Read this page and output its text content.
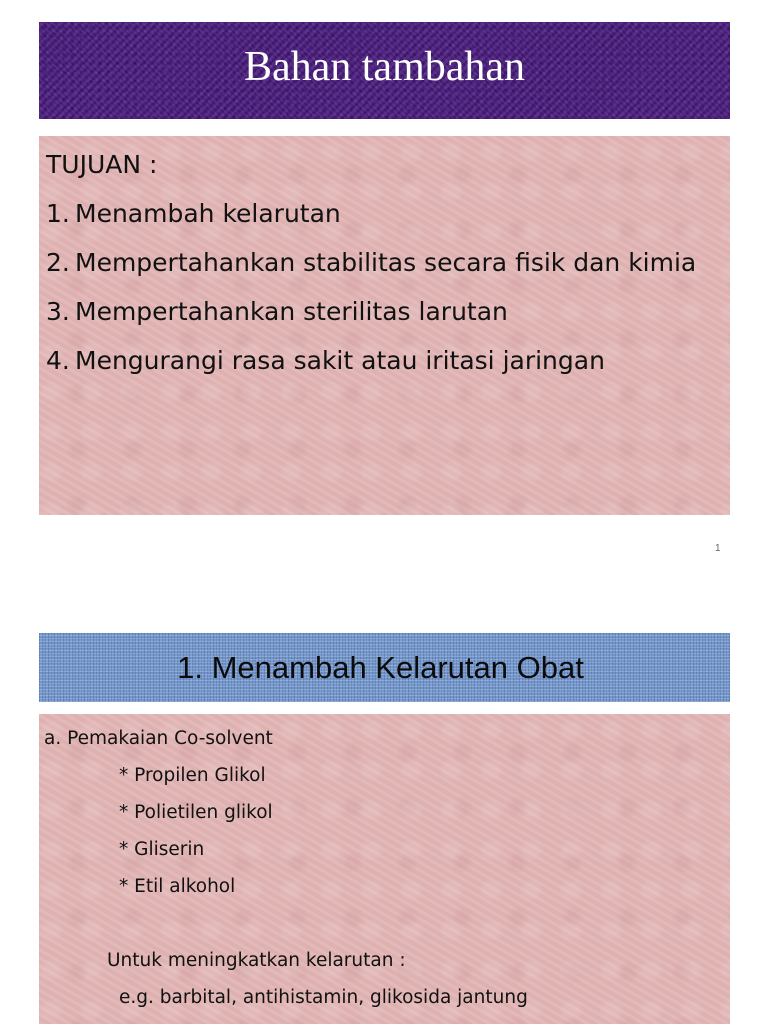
Bahan tambahan
TUJUAN :
1. Menambah kelarutan
2. Mempertahankan stabilitas secara fisik dan kimia
3. Mempertahankan sterilitas larutan
4. Mengurangi rasa sakit atau iritasi jaringan
1
1. Menambah Kelarutan Obat
a. Pemakaian Co-solvent
* Propilen Glikol
* Polietilen glikol
* Gliserin
* Etil alkohol
Untuk meningkatkan kelarutan :
e.g. barbital, antihistamin, glikosida jantung
